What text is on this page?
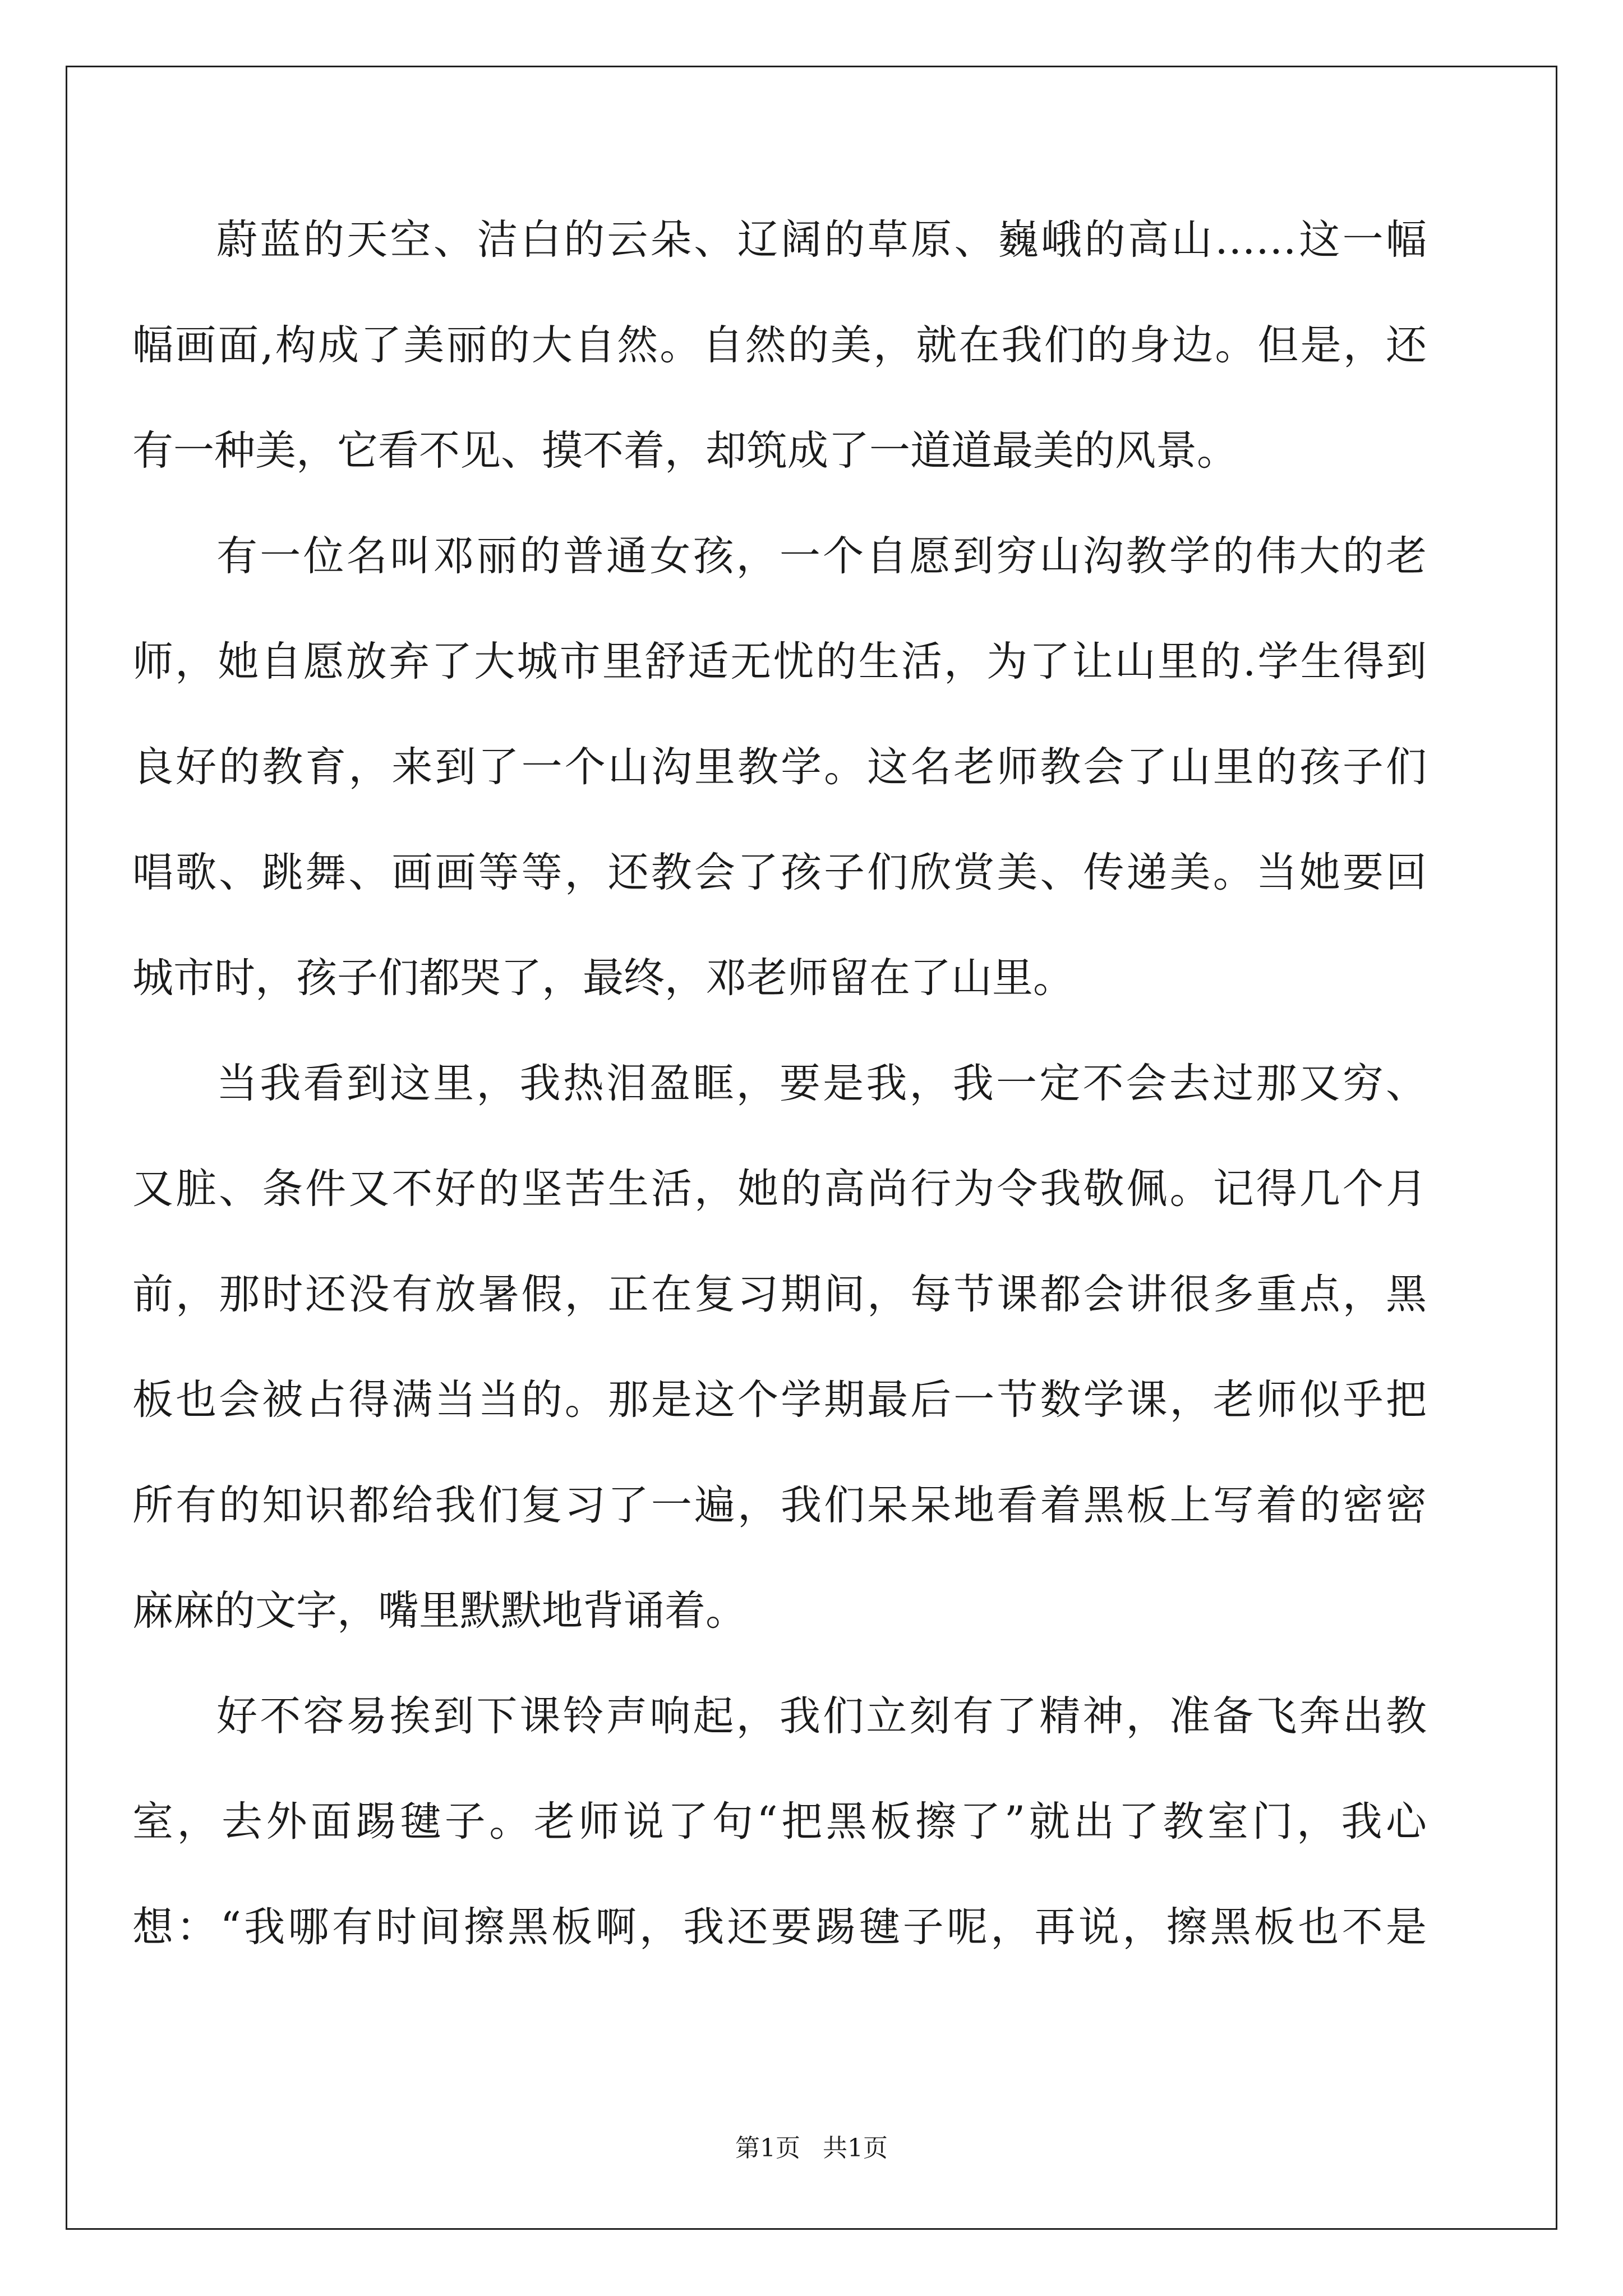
蔚蓝的天空、洁白的云朵、辽阔的草原、巍峨的高山……这一幅
幅画面,构成了美丽的大自然。自然的美，就在我们的身边。但是，还
有一种美，它看不见、摸不着，却筑成了一道道最美的风景。
有一位名叫邓丽的普通女孩，一个自愿到穷山沟教学的伟大的老
师，她自愿放弃了大城市里舒适无忧的生活，为了让山里的.学生得到
良好的教育，来到了一个山沟里教学。这名老师教会了山里的孩子们
唱歌、跳舞、画画等等，还教会了孩子们欣赏美、传递美。当她要回
城市时，孩子们都哭了，最终，邓老师留在了山里。
当我看到这里，我热泪盈眶，要是我，我一定不会去过那又穷、
又脏、条件又不好的坚苦生活，她的高尚行为令我敬佩。记得几个月
前，那时还没有放暑假，正在复习期间，每节课都会讲很多重点，黑
板也会被占得满当当的。那是这个学期最后一节数学课，老师似乎把
所有的知识都给我们复习了一遍，我们呆呆地看着黑板上写着的密密
麻麻的文字，嘴里默默地背诵着。
好不容易挨到下课铃声响起，我们立刻有了精神，准备飞奔出教
室，去外面踢毽子。老师说了句“把黑板擦了”就出了教室门，我心
想：“我哪有时间擦黑板啊，我还要踢毽子呢，再说，擦黑板也不是
第1页 共1页
